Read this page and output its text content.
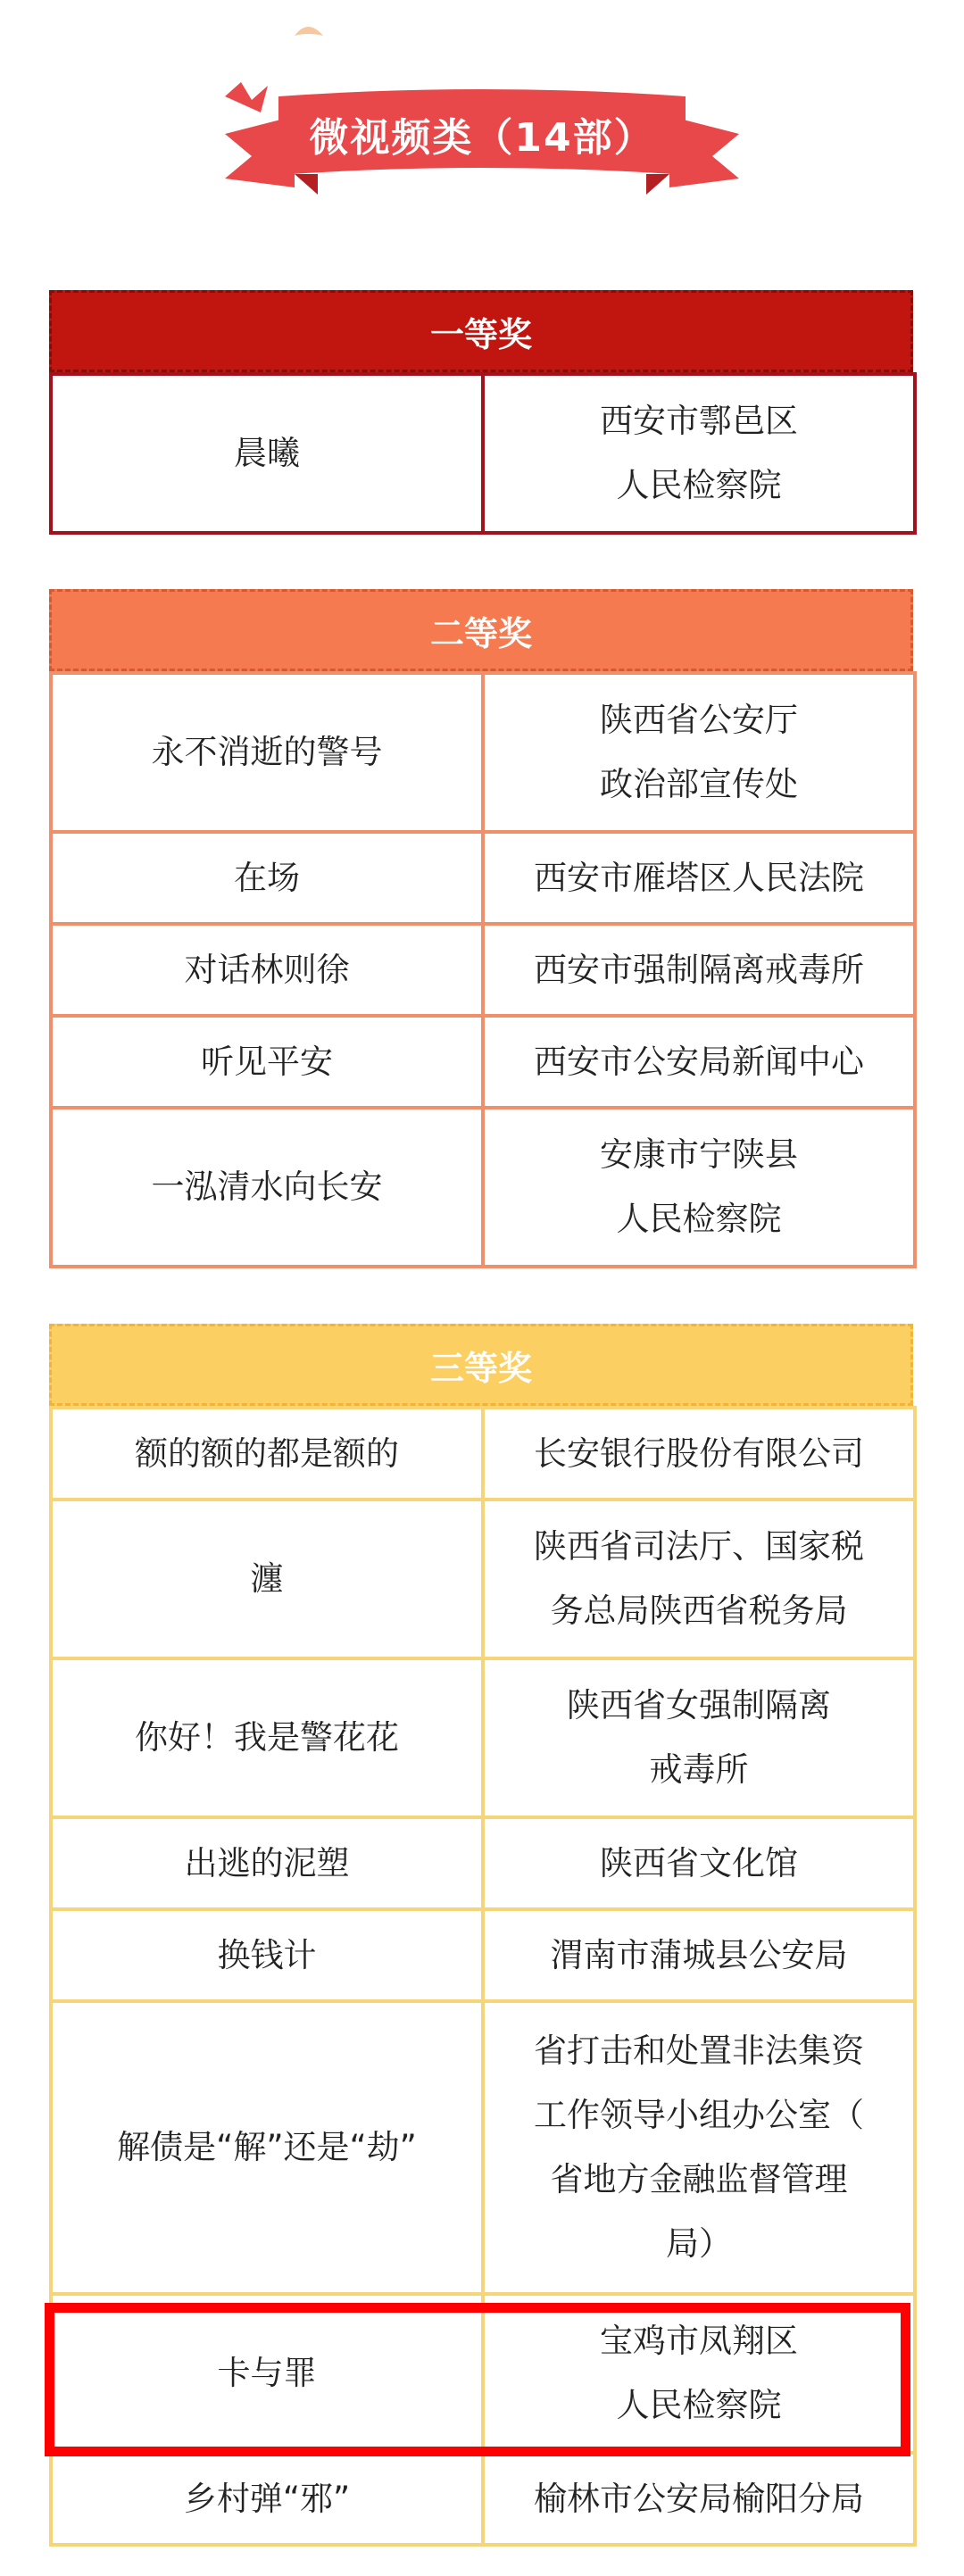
微视频类（14部）
一等奖
晨曦	西安市鄠邑区
人民检察院
二等奖
永不消逝的警号	陕西省公安厅
政治部宣传处
在场	西安市雁塔区人民法院
对话林则徐	西安市强制隔离戒毒所
听见平安	西安市公安局新闻中心
一泓清水向长安	安康市宁陕县
人民检察院
三等奖
额的额的都是额的	长安银行股份有限公司
瀍	陕西省司法厅、国家税
务总局陕西省税务局
你好！我是警花花	陕西省女强制隔离
戒毒所
出逃的泥塑	陕西省文化馆
换钱计	渭南市蒲城县公安局
解债是“解”还是“劫”	省打击和处置非法集资
工作领导小组办公室（
省地方金融监督管理
局）
卡与罪	宝鸡市凤翔区
人民检察院
乡村弹“邪”	榆林市公安局榆阳分局
